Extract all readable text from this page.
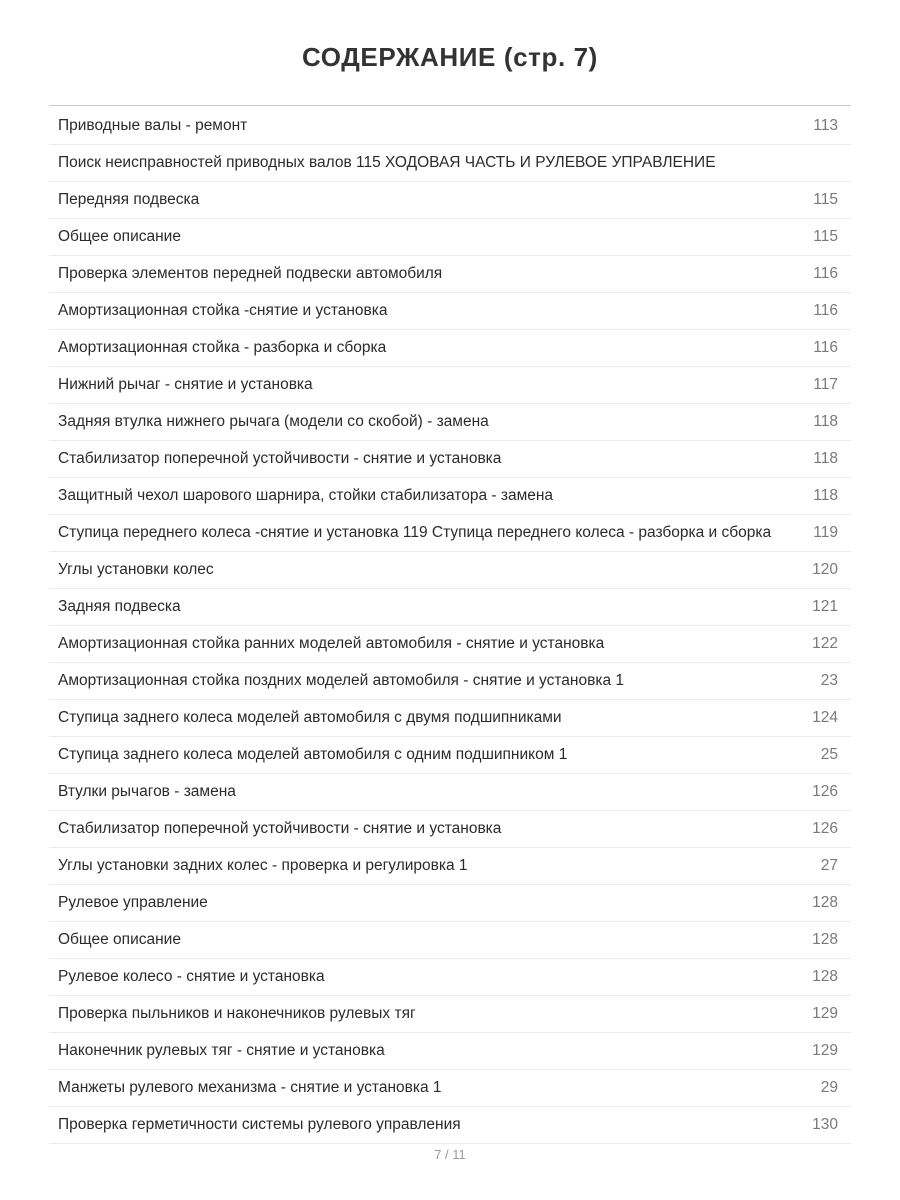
СОДЕРЖАНИЕ (стр. 7)
Приводные валы - ремонт	113
Поиск неисправностей приводных валов 115 ХОДОВАЯ ЧАСТЬ И РУЛЕВОЕ УПРАВЛЕНИЕ
Передняя подвеска	115
Общее описание	115
Проверка элементов передней подвески автомобиля	116
Амортизационная стойка -снятие и установка	116
Амортизационная стойка - разборка и сборка	116
Нижний рычаг - снятие и установка	117
Задняя втулка нижнего рычага (модели со скобой) - замена	118
Стабилизатор поперечной устойчивости - снятие и установка	118
Защитный чехол шарового шарнира, стойки стабилизатора - замена	118
Ступица переднего колеса -снятие и установка 119 Ступица переднего колеса - разборка и сборка	119
Углы установки колес	120
Задняя подвеска	121
Амортизационная стойка ранних моделей автомобиля - снятие и установка	122
Амортизационная стойка поздних моделей автомобиля - снятие и установка 1	23
Ступица заднего колеса моделей автомобиля с двумя подшипниками	124
Ступица заднего колеса моделей автомобиля с одним подшипником 1	25
Втулки рычагов - замена	126
Стабилизатор поперечной устойчивости - снятие и установка	126
Углы установки задних колес - проверка и регулировка 1	27
Рулевое управление	128
Общее описание	128
Рулевое колесо - снятие и установка	128
Проверка пыльников и наконечников рулевых тяг	129
Наконечник рулевых тяг - снятие и установка	129
Манжеты рулевого механизма - снятие и установка 1	29
Проверка герметичности системы рулевого управления	130
7 / 11
